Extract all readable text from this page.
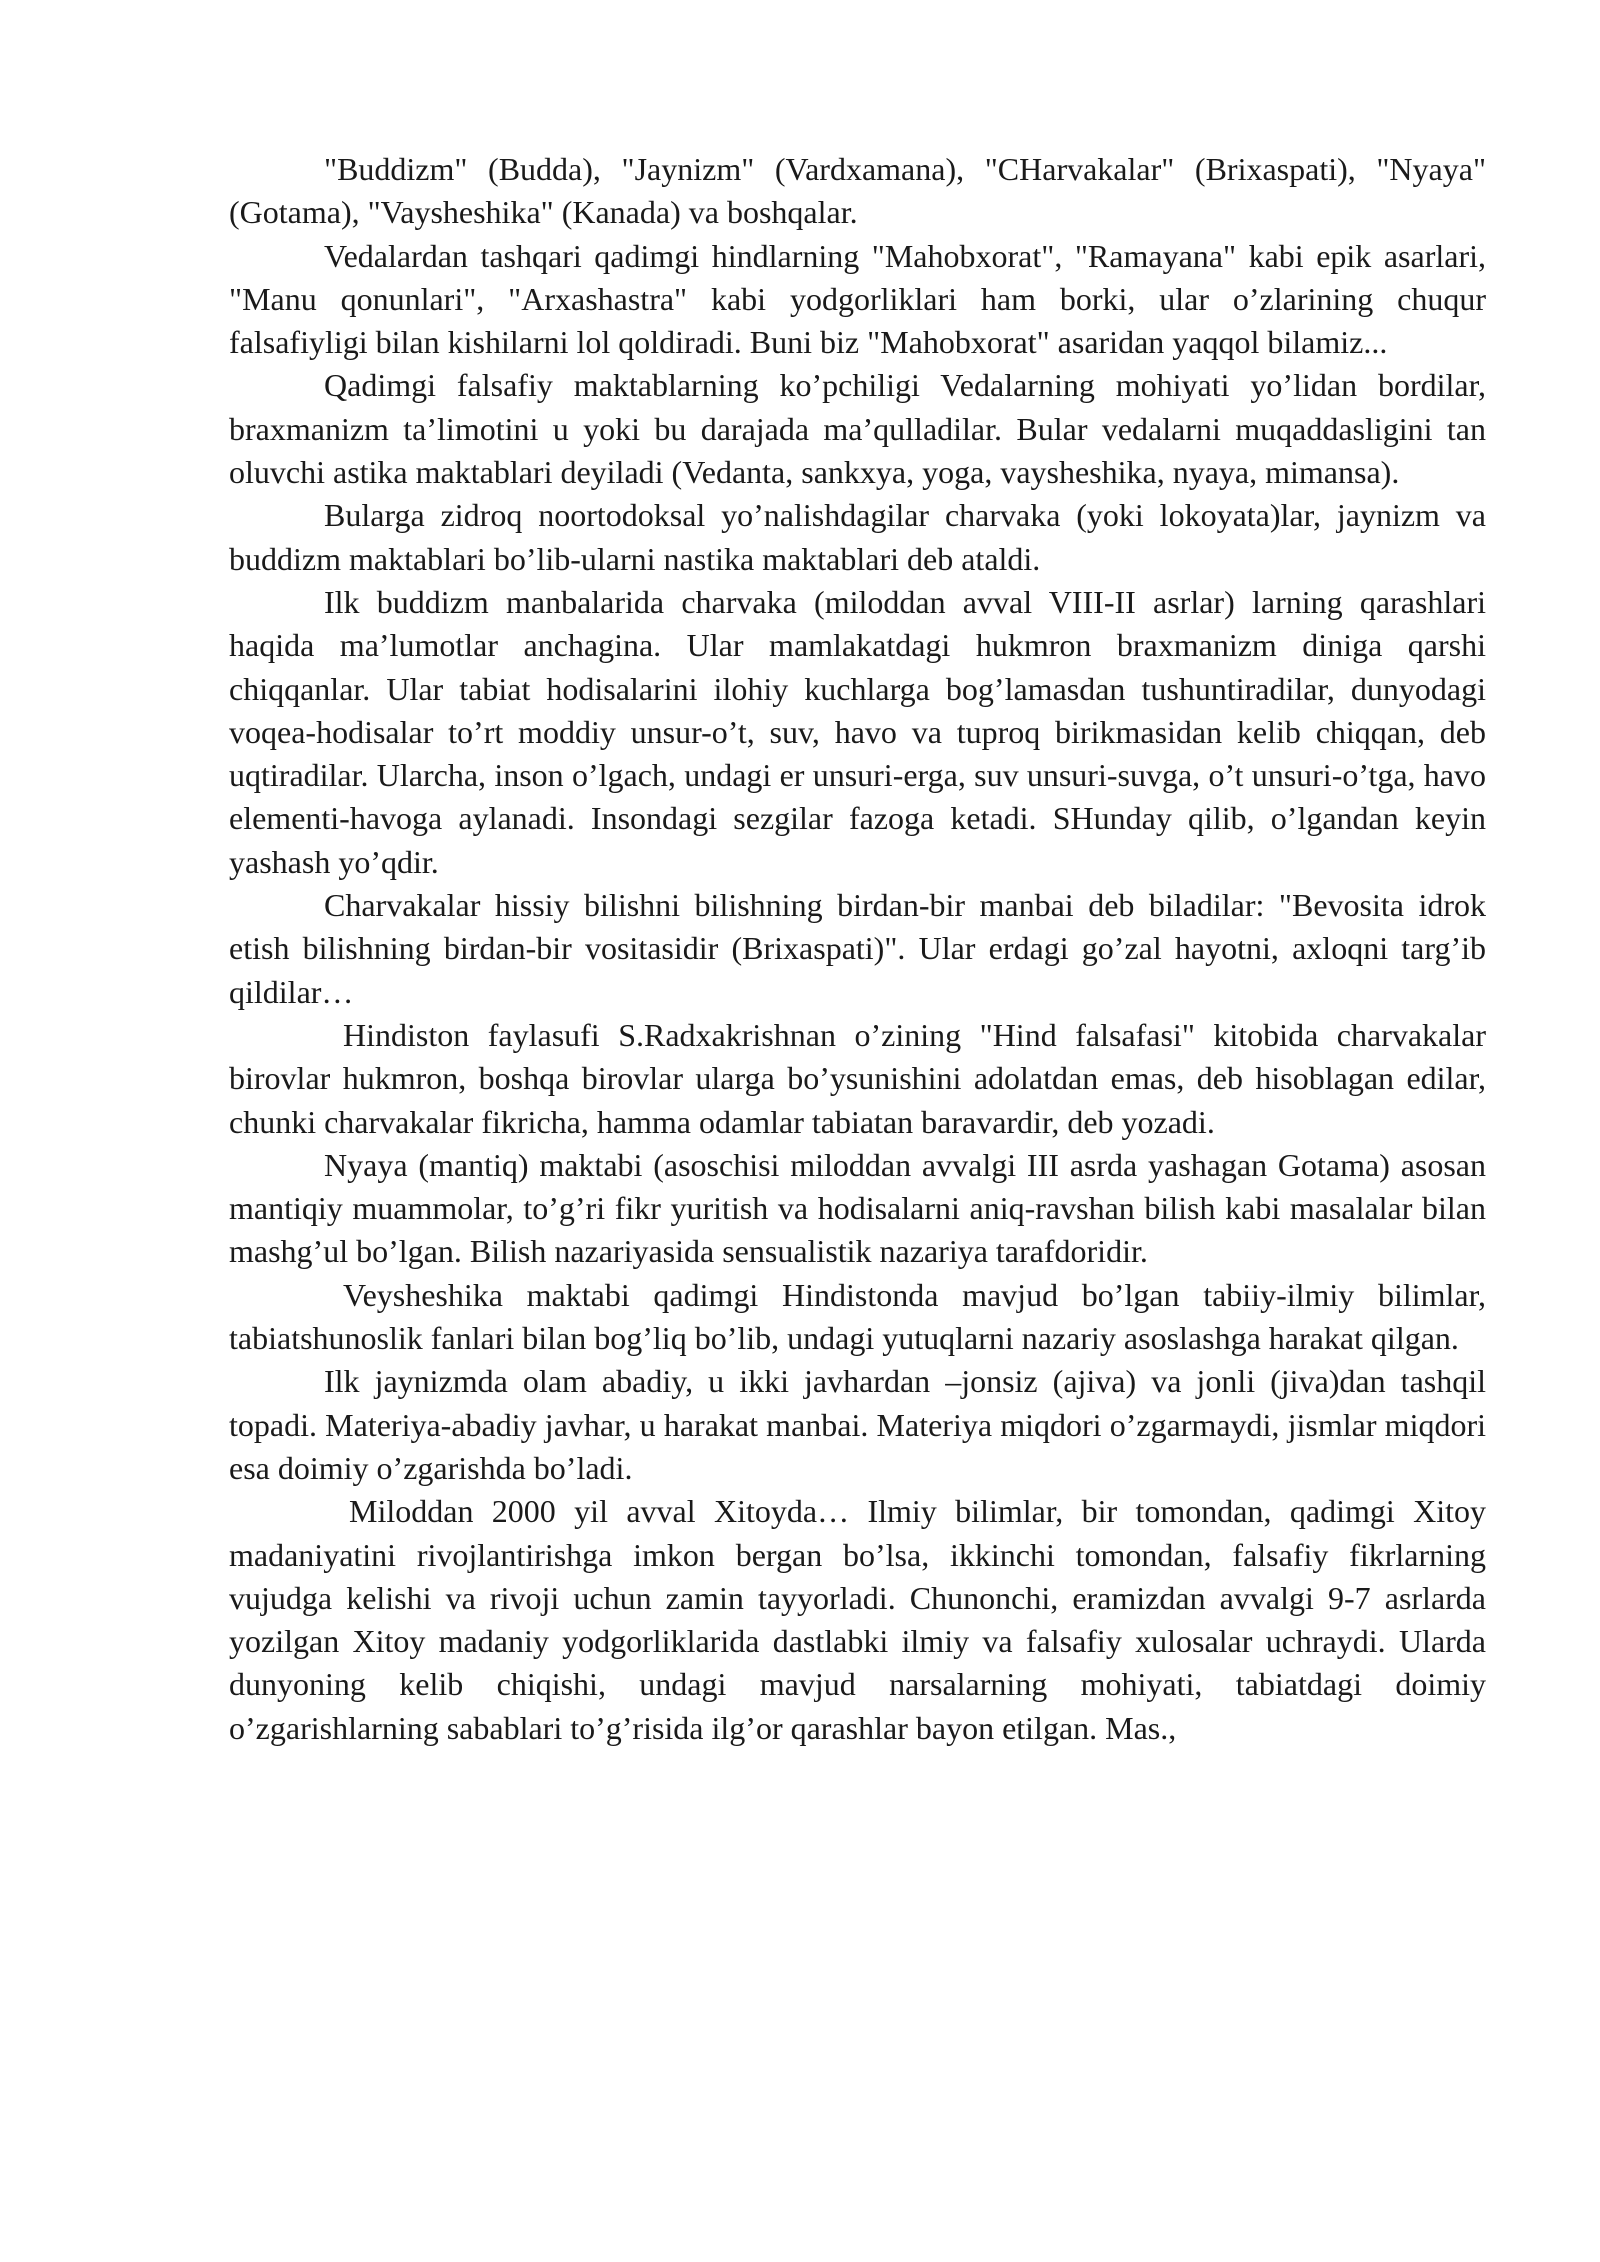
"Buddizm" (Budda), "Jaynizm" (Vardxamana), "CHarvakalar" (Brixaspati), "Nyaya" (Gotama), "Vaysheshika" (Kanada) va boshqalar.

Vedalardan tashqari qadimgi hindlarning "Mahobxorat", "Ramayana" kabi epik asarlari, "Manu qonunlari", "Arxashastra" kabi yodgorliklari ham borki, ular o’zlarining chuqur falsafiyligi bilan kishilarni lol qoldiradi. Buni biz "Mahobxorat" asaridan yaqqol bilamiz...

Qadimgi falsafiy maktablarning ko’pchiligi Vedalarning mohiyati yo’lidan bordilar, braxmanizm ta’limotini u yoki bu darajada ma’qulladilar. Bular vedalarni muqaddasligini tan oluvchi astika maktablari deyiladi (Vedanta, sankxya, yoga, vaysheshika, nyaya, mimansa).

Bularga zidroq noortodoksal yo’nalishdagilar charvaka (yoki lokoyata)lar, jaynizm va buddizm maktablari bo’lib-ularni nastika maktablari deb ataldi.

Ilk buddizm manbalarida charvaka (miloddan avval VIII-II asrlar) larning qarashlari haqida ma’lumotlar anchagina. Ular mamlakatdagi hukmron braxmanizm diniga qarshi chiqqanlar. Ular tabiat hodisalarini ilohiy kuchlarga bog’lamasdan tushuntiradilar, dunyodagi voqea-hodisalar to’rt moddiy unsur-o’t, suv, havo va tuproq birikmasidan kelib chiqqan, deb uqtiradilar. Ularcha, inson o’lgach, undagi er unsuri-erga, suv unsuri-suvga, o’t unsuri-o’tga, havo elementi-havoga aylanadi. Insondagi sezgilar fazoga ketadi. SHunday qilib, o’lgandan keyin yashash yo’qdir.

Charvakalar hissiy bilishni bilishning birdan-bir manbai deb biladilar: "Bevosita idrok etish bilishning birdan-bir vositasidir (Brixaspati)". Ular erdagi go’zal hayotni, axloqni targ’ib qildilar…

Hindiston faylasufi S.Radxakrishnan o’zining "Hind falsafasi" kitobida charvakalar birovlar hukmron, boshqa birovlar ularga bo’ysunishini adolatdan emas, deb hisoblagan edilar, chunki charvakalar fikricha, hamma odamlar tabiatan baravardir, deb yozadi.

Nyaya (mantiq) maktabi (asoschisi miloddan avvalgi III asrda yashagan Gotama) asosan mantiqiy muammolar, to’g’ri fikr yuritish va hodisalarni aniq-ravshan bilish kabi masalalar bilan mashg’ul bo’lgan. Bilish nazariyasida sensualistik nazariya tarafdoridir.

Veysheshika maktabi qadimgi Hindistonda mavjud bo’lgan tabiiy-ilmiy bilimlar, tabiatshunoslik fanlari bilan bog’liq bo’lib, undagi yutuqlarni nazariy asoslashga harakat qilgan.

Ilk jaynizmda olam abadiy, u ikki javhardan –jonsiz (ajiva) va jonli (jiva)dan tashqil topadi. Materiya-abadiy javhar, u harakat manbai. Materiya miqdori o’zgarmaydi, jismlar miqdori esa doimiy o’zgarishda bo’ladi.

Miloddan 2000 yil avval Xitoyda… Ilmiy bilimlar, bir tomondan, qadimgi Xitoy madaniyatini rivojlantirishga imkon bergan bo’lsa, ikkinchi tomondan, falsafiy fikrlarning vujudga kelishi va rivoji uchun zamin tayyorladi. Chunonchi, eramizdan avvalgi 9-7 asrlarda yozilgan Xitoy madaniy yodgorliklarida dastlabki ilmiy va falsafiy xulosalar uchraydi. Ularda dunyoning kelib chiqishi, undagi mavjud narsalarning mohiyati, tabiatdagi doimiy o’zgarishlarning sabablari to’g’risida ilg’or qarashlar bayon etilgan. Mas.,
